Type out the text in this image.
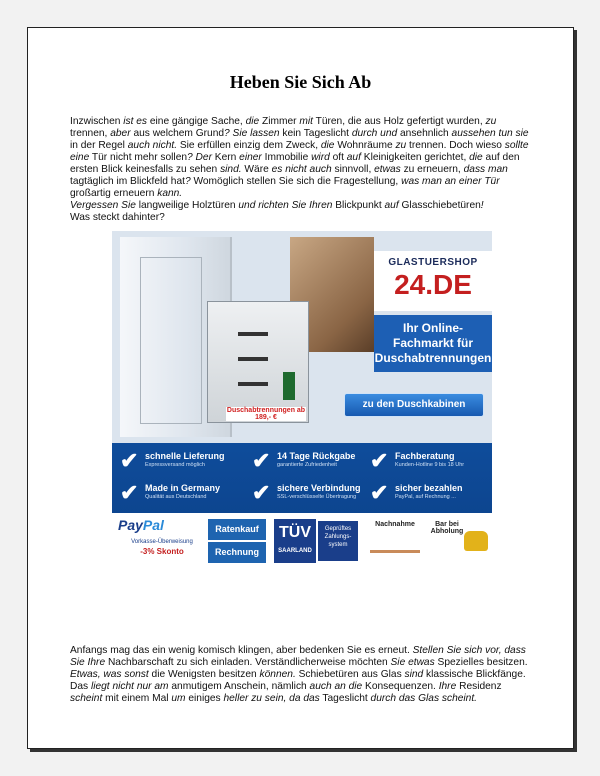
Heben Sie Sich Ab
Inzwischen ist es eine gängige Sache, die Zimmer mit Türen, die aus Holz gefertigt wurden, zu trennen, aber aus welchem Grund? Sie lassen kein Tageslicht durch und ansehnlich aussehen tun sie in der Regel auch nicht. Sie erfüllen einzig dem Zweck, die Wohnräume zu trennen. Doch wieso sollte eine Tür nicht mehr sollen? Der Kern einer Immobilie wird oft auf Kleinigkeiten gerichtet, die auf den ersten Blick keinesfalls zu sehen sind. Wäre es nicht auch sinnvoll, etwas zu erneuern, dass man tagtäglich im Blickfeld hat? Womöglich stellen Sie sich die Fragestellung, was man an einer Tür großartig erneuern kann.
Vergessen Sie langweilige Holztüren und richten Sie Ihren Blickpunkt auf Glasschiebetüren!
Was steckt dahinter?
GLASTUERSHOP
24.DE
Ihr Online-Fachmarkt für Duschabtrennungen
Duschabtrennungen ab 189,- €
zu den Duschkabinen
✔ schnelle Lieferung
Expressversand möglich ✔ 14 Tage Rückgabe
garantierte Zufriedenheit ✔ Fachberatung
Kunden-Hotline 9 bis 18 Uhr
✔ Made in Germany
Qualität aus Deutschland ✔ sichere Verbindung
SSL-verschlüsselte Übertragung ✔ sicher bezahlen
PayPal, auf Rechnung ...
PayPal
Vorkasse-Überweisung
-3% Skonto
Ratenkauf
Rechnung
TÜV
SAARLAND
Geprüftes Zahlungs-system
Nachnahme	Bar bei Abholung
Anfangs mag das ein wenig komisch klingen, aber bedenken Sie es erneut. Stellen Sie sich vor, dass Sie Ihre Nachbarschaft zu sich einladen. Verständlicherweise möchten Sie etwas Spezielles besitzen. Etwas, was sonst die Wenigsten besitzen können. Schiebetüren aus Glas sind klassische Blickfänge. Das liegt nicht nur am anmutigem Anschein, nämlich auch an die Konsequenzen. Ihre Residenz scheint mit einem Mal um einiges heller zu sein, da das Tageslicht durch das Glas scheint.
